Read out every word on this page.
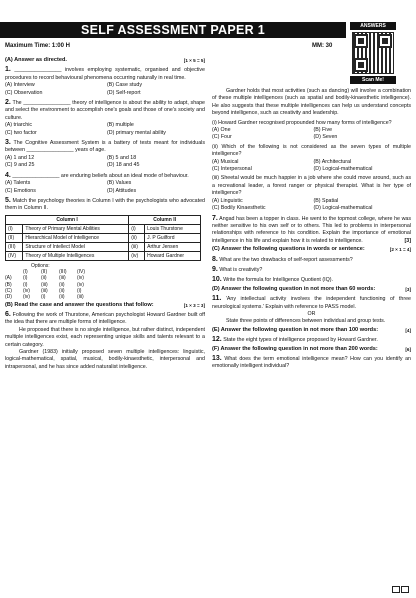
SELF ASSESSMENT PAPER 1	ANSWERS
Scan Me!
Maximum Time: 1:00 H	MM: 30
(A) Answer as directed.	[1 × 5 = 5]
1. ________________ involves employing systematic, organised and objective procedures to record behavioural phenomena occurring naturally in real time.
(A) Interview	(B) Case study
(C) Observation	(D) Self-report
2. The ________________ theory of intelligence is about the ability to adapt, shape and select the environment to accomplish one's goals and those of one's society and culture.
(A) triarchic	(B) multiple
(C) two factor	(D) primary mental ability
3. The Cognitive Assessment System is a battery of tests meant for individuals between ________________ years of age.
(A) 1 and 12	(B) 5 and 18
(C) 9 and 25	(D) 18 and 45
4. ________________ are enduring beliefs about an ideal mode of behaviour.
(A) Talents	(B) Values
(C) Emotions	(D) Attitudes
5. Match the psychology theories in Column I with the psychologists who advocated them in Column II.
Column I		Column II	
(I)	Theory of Primary Mental Abilities	(i)	Louis Thurstone
(II)	Hierarchical Model of Intelligence	(ii)	J. P Guilford
(III)	Structure of Intellect Model	(iii)	Arthur Jensen
(IV)	Theory of Multiple Intelligences	(iv)	Howard Gardner
Options:
(I)	(II) (III) (IV)
(A) (i)	(ii) (iii) (iv)
(B) (i)	(iii) (ii) (iv)
(C) (iv) (iii) (ii) (i)
(D) (iv) (i)	(ii) (iii)
(B) Read the case and answer the questions that follow:	[1 × 3 = 3]
6. Following the work of Thurstone, American psychologist Howard Gardner built off the idea that there are multiple forms of intelligence.
He proposed that there is no single intelligence, but rather distinct, independent multiple intelligences exist, each representing unique skills and talents relevant to a certain category.
Gardner (1983) initially proposed seven multiple intelligences: linguistic, logical-mathematical, spatial, musical, bodily-kinaesthetic, interpersonal and intrapersonal, and he has since added naturalist intelligence.
Gardner holds that most activities (such as dancing) will involve a combination of these multiple intelligences (such as spatial and bodily-kinaesthetic intelligence). He also suggests that these multiple intelligences can help us understand concepts beyond intelligence, such as creativity and leadership.
(i) Howard Gardner recognised propounded how many forms of intelligence?
(A) One	(B) Five
(C) Four	(D) Seven
(ii) Which of the following is not considered as the seven types of multiple intelligence?
(A) Musical	(B) Architectural
(C) Interpersonal	(D) Logical-mathematical
(iii) Sheetal would be much happier in a job where she could move around, such as a recreational leader, a forest ranger or physical therapist. What is her type of intelligence?
(A) Linguistic	(B) Spatial
(C) Bodily Kinaesthetic	(D) Logical-mathematical
7. Angad has been a topper in class. He went to the topmost college, where he was neither sensitive to his own self or to others. This led to problems in interpersonal relationships with reference to his condition. Explain the importance of emotional intelligence in his life and explain how it is related to intelligence.	[3]
(C) Answer the following questions in words or sentence:	[2 × 1 = 4]
8. What are the two drawbacks of self-report assessments?
9. What is creativity?
10. Write the formula for Intelligence Quotient (IQ).
(D) Answer the following question in not more than 60 words:	[3]
11. 'Any intellectual activity involves the independent functioning of three neurological systems.' Explain with reference to PASS model.
OR
State three points of differences between individual and group tests.
(E) Answer the following question in not more than 100 words:	[4]
12. State the eight types of intelligence proposed by Howard Gardner.
(F) Answer the following question in not more than 200 words:	[6]
13. What does the term emotional intelligence mean? How can you identify an emotionally intelligent individual?
